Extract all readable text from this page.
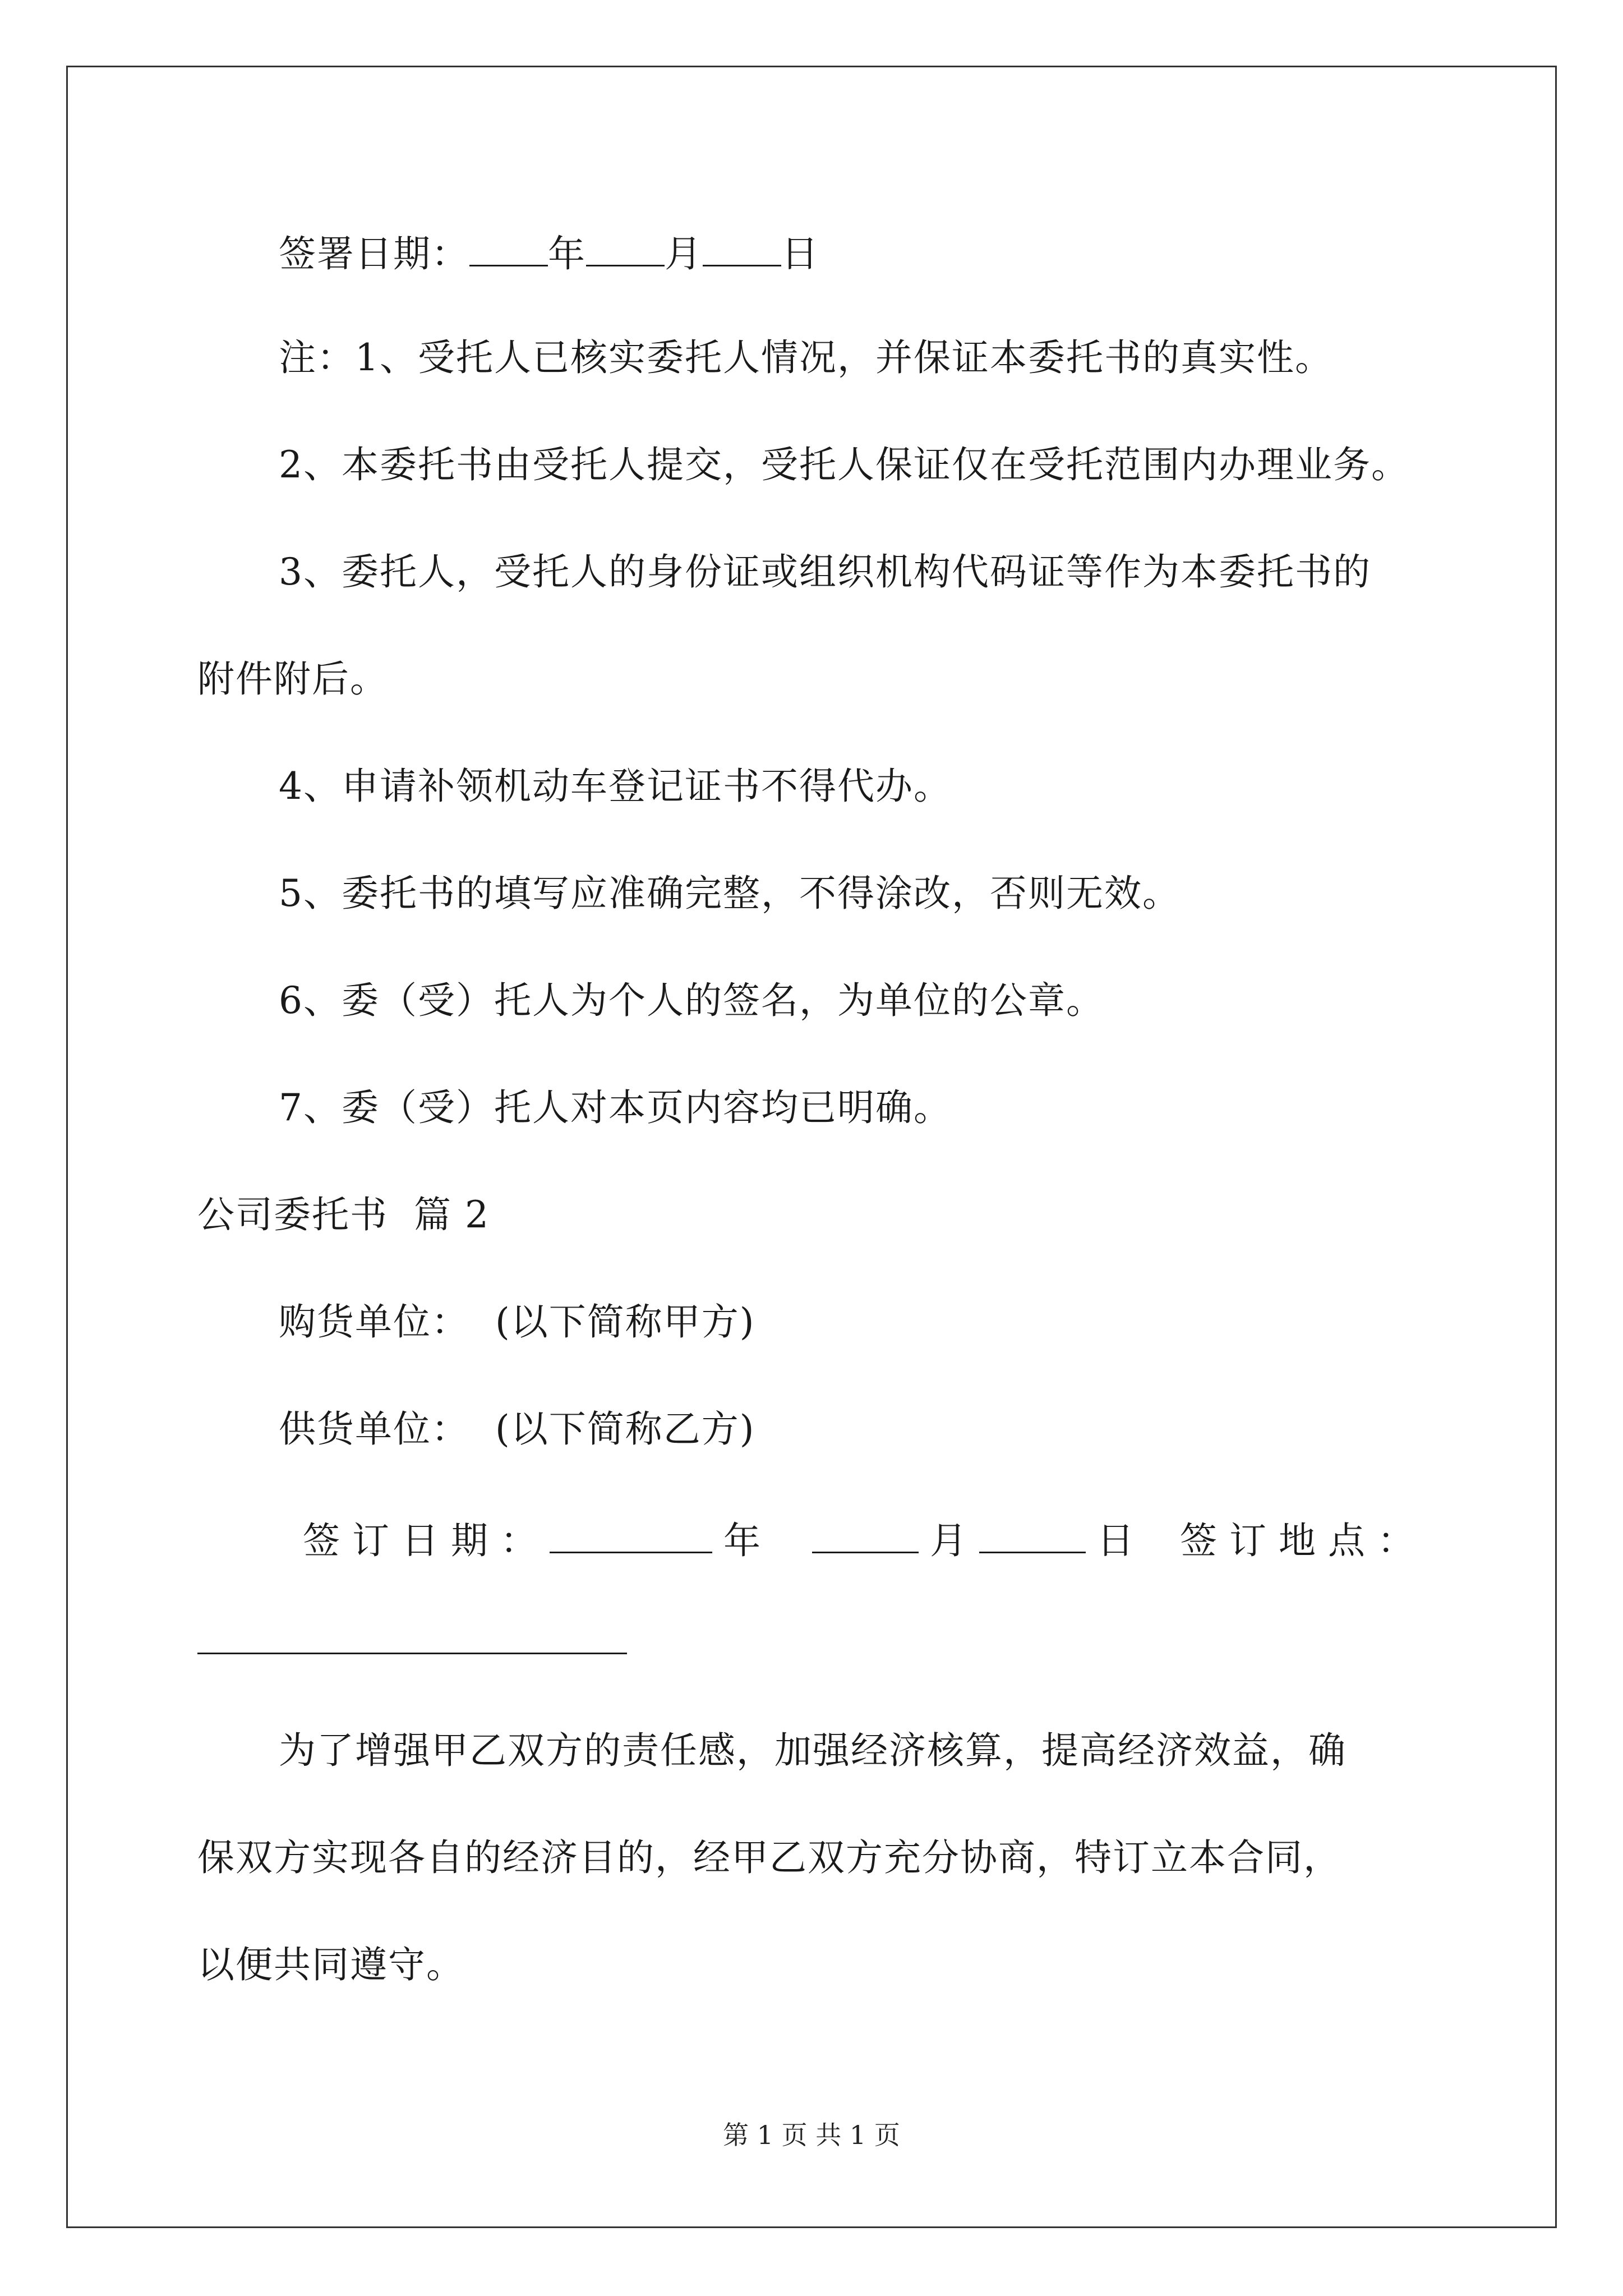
签署日期： 年 月 日
注：1、受托人已核实委托人情况，并保证本委托书的真实性。
2、本委托书由受托人提交，受托人保证仅在受托范围内办理业务。
3、委托人，受托人的身份证或组织机构代码证等作为本委托书的
附件附后。
4、申请补领机动车登记证书不得代办。
5、委托书的填写应准确完整，不得涂改，否则无效。
6、委（受）托人为个人的签名，为单位的公章。
7、委（受）托人对本页内容均已明确。
公司委托书  篇 2
购货单位：  (以下简称甲方)
供货单位：  (以下简称乙方)
签订日期：	年	月	日 签订地点：
为了增强甲乙双方的责任感，加强经济核算，提高经济效益，确
保双方实现各自的经济目的，经甲乙双方充分协商，特订立本合同，
以便共同遵守。
第 1 页 共 1 页
